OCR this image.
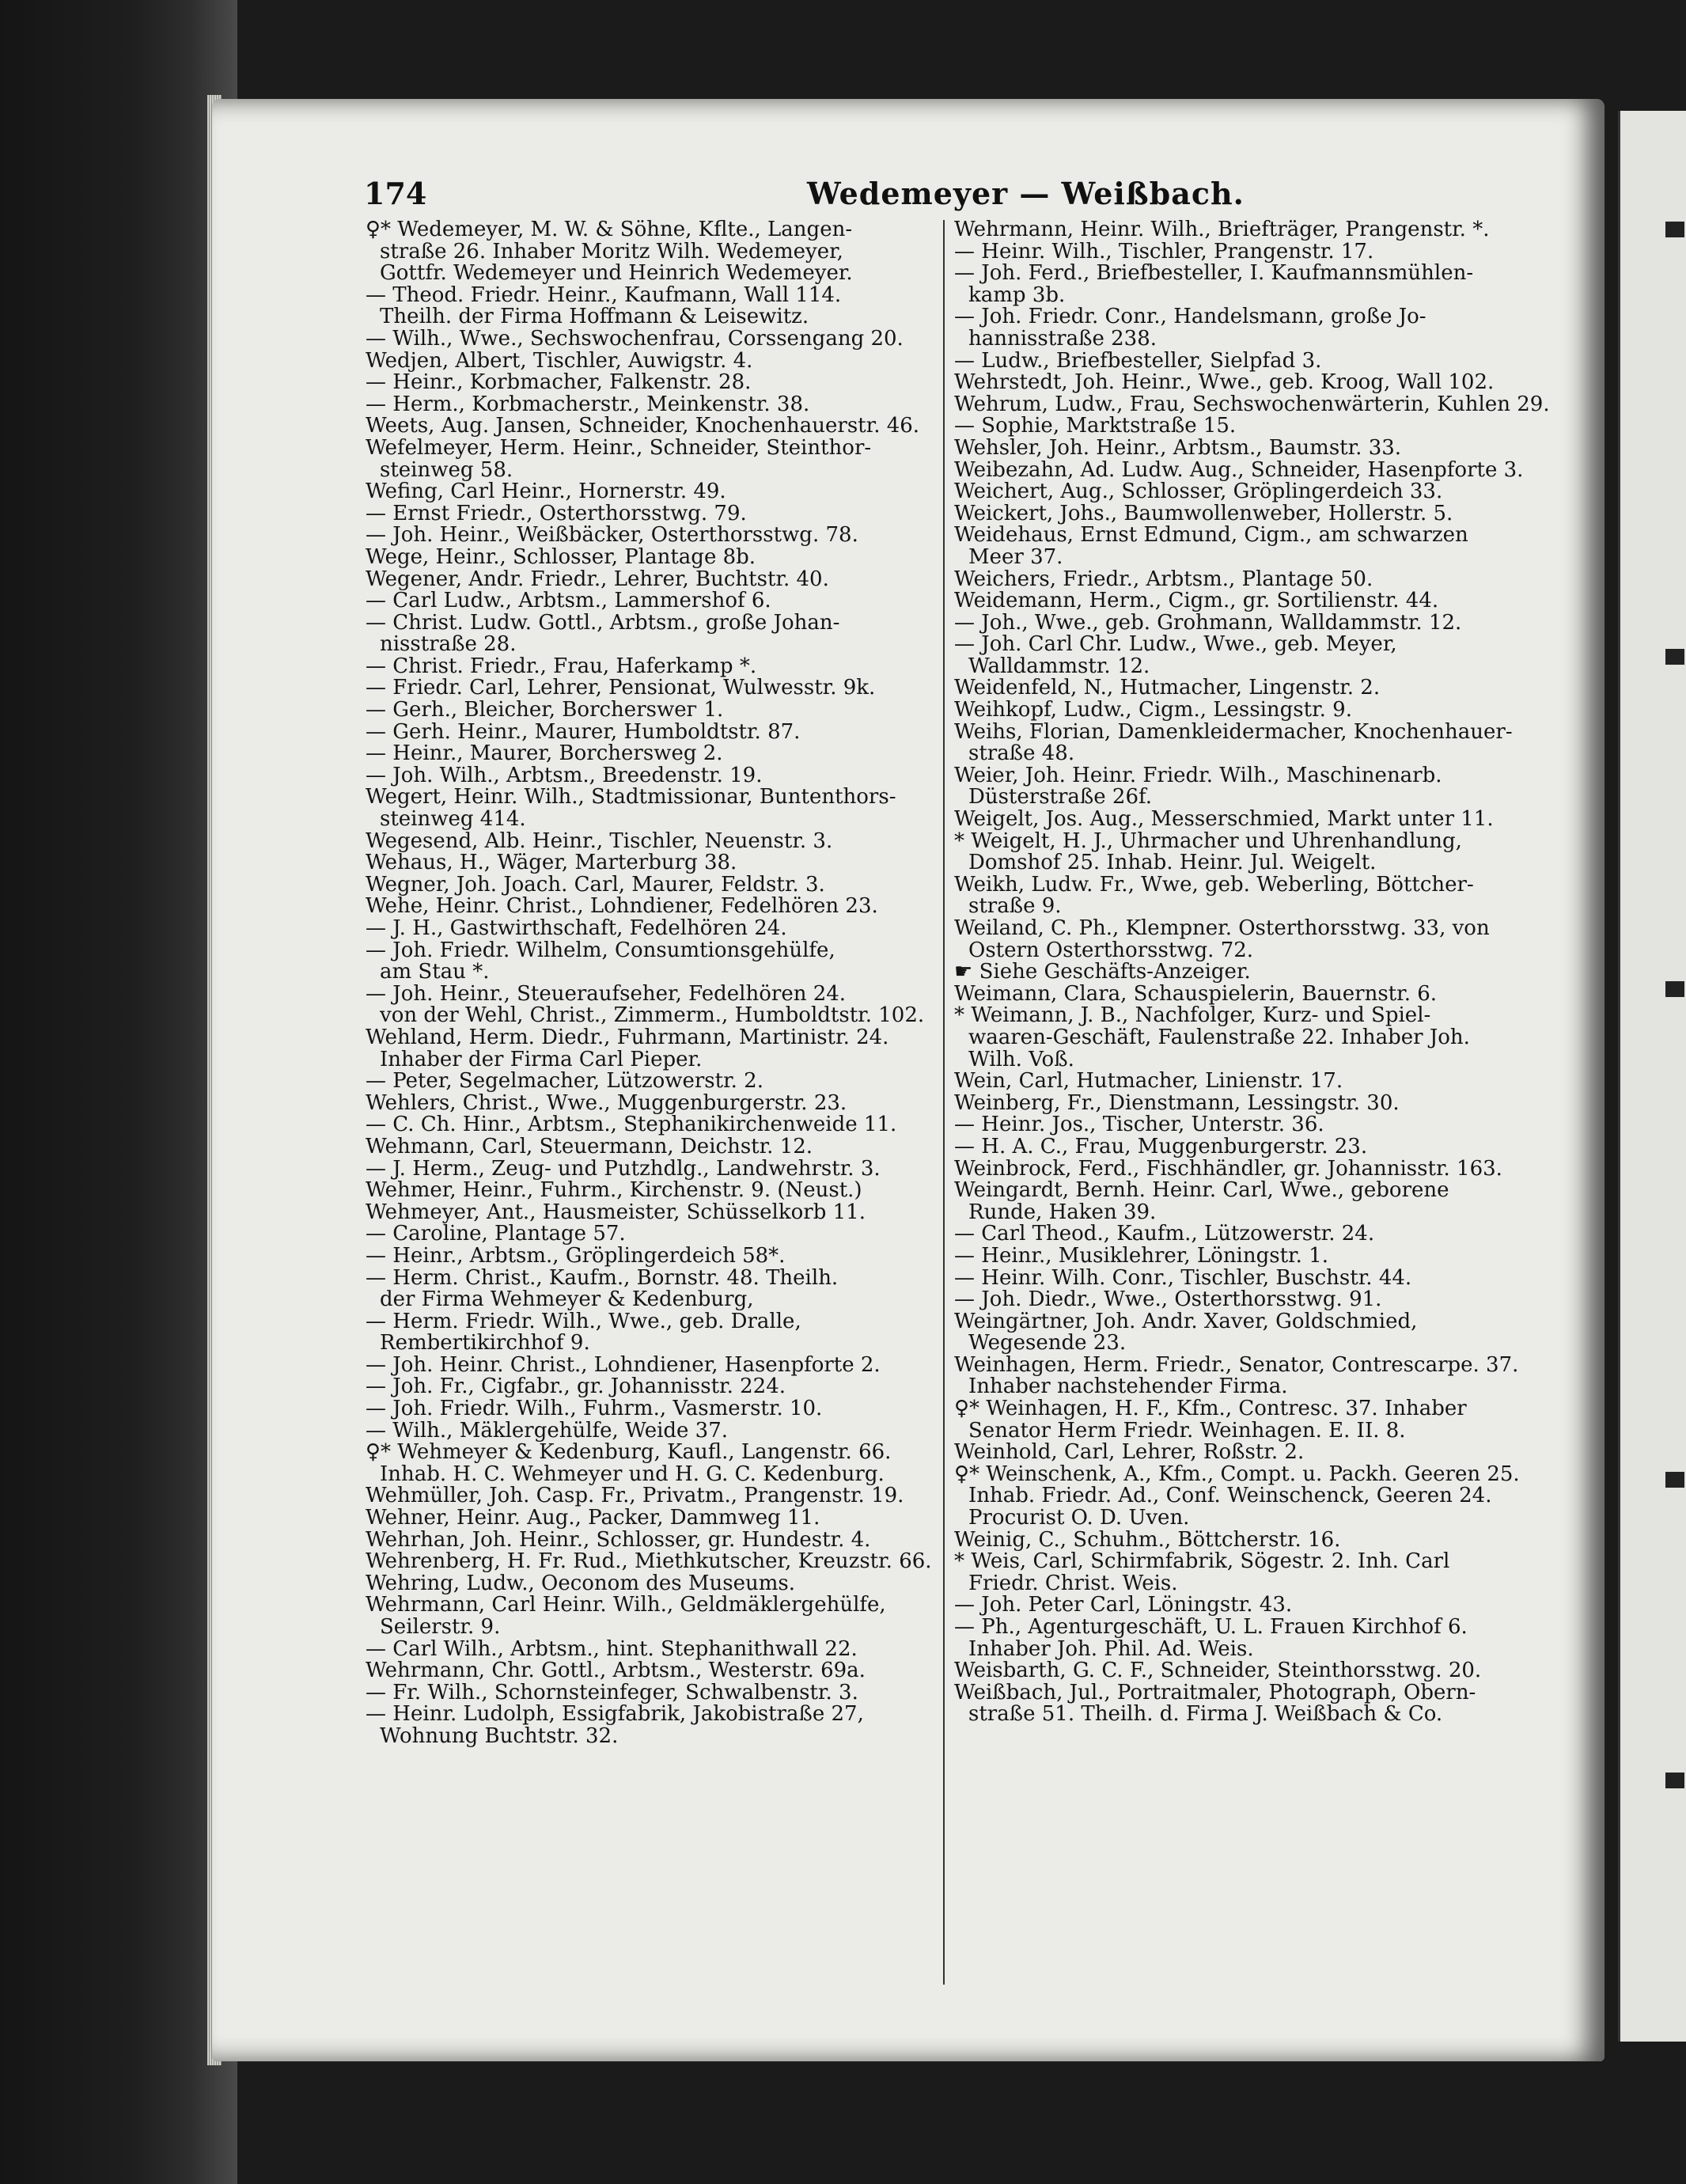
174	Wedemeyer — Weißbach.
♀* Wedemeyer, M. W. & Söhne, Kflte., Langen-
straße 26. Inhaber Moritz Wilh. Wedemeyer,
Gottfr. Wedemeyer und Heinrich Wedemeyer.
— Theod. Friedr. Heinr., Kaufmann, Wall 114.
Theilh. der Firma Hoffmann & Leisewitz.
— Wilh., Wwe., Sechswochenfrau, Corssengang 20.
Wedjen, Albert, Tischler, Auwigstr. 4.
— Heinr., Korbmacher, Falkenstr. 28.
— Herm., Korbmacherstr., Meinkenstr. 38.
Weets, Aug. Jansen, Schneider, Knochenhauerstr. 46.
Wefelmeyer, Herm. Heinr., Schneider, Steinthor-
steinweg 58.
Wefing, Carl Heinr., Hornerstr. 49.
— Ernst Friedr., Osterthorsstwg. 79.
— Joh. Heinr., Weißbäcker, Osterthorsstwg. 78.
Wege, Heinr., Schlosser, Plantage 8b.
Wegener, Andr. Friedr., Lehrer, Buchtstr. 40.
— Carl Ludw., Arbtsm., Lammershof 6.
— Christ. Ludw. Gottl., Arbtsm., große Johan-
nisstraße 28.
— Christ. Friedr., Frau, Haferkamp *.
— Friedr. Carl, Lehrer, Pensionat, Wulwesstr. 9k.
— Gerh., Bleicher, Borcherswег 1.
— Gerh. Heinr., Maurer, Humboldtstr. 87.
— Heinr., Maurer, Borchersweg 2.
— Joh. Wilh., Arbtsm., Breedenstr. 19.
Wegert, Heinr. Wilh., Stadtmissionar, Buntenthors-
steinweg 414.
Wegesend, Alb. Heinr., Tischler, Neuenstr. 3.
Wehaus, H., Wäger, Marterburg 38.
Wegner, Joh. Joach. Carl, Maurer, Feldstr. 3.
Wehe, Heinr. Christ., Lohndiener, Fedelhören 23.
— J. H., Gastwirthschaft, Fedelhören 24.
— Joh. Friedr. Wilhelm, Consumtionsgehülfe,
am Stau *.
— Joh. Heinr., Steueraufseher, Fedelhören 24.
von der Wehl, Christ., Zimmerm., Humboldtstr. 102.
Wehland, Herm. Diedr., Fuhrmann, Martinistr. 24.
Inhaber der Firma Carl Pieper.
— Peter, Segelmacher, Lützowerstr. 2.
Wehlers, Christ., Wwe., Muggenburgerstr. 23.
— C. Ch. Hinr., Arbtsm., Stephanikirchenweide 11.
Wehmann, Carl, Steuermann, Deichstr. 12.
— J. Herm., Zeug- und Putzhdlg., Landwehrstr. 3.
Wehmer, Heinr., Fuhrm., Kirchenstr. 9. (Neust.)
Wehmeyer, Ant., Hausmeister, Schüsselkorb 11.
— Caroline, Plantage 57.
— Heinr., Arbtsm., Gröplingerdeich 58*.
— Herm. Christ., Kaufm., Bornstr. 48. Theilh.
der Firma Wehmeyer & Kedenburg,
— Herm. Friedr. Wilh., Wwe., geb. Dralle,
Rembertikirchhof 9.
— Joh. Heinr. Christ., Lohndiener, Hasenpforte 2.
— Joh. Fr., Cigfabr., gr. Johannisstr. 224.
— Joh. Friedr. Wilh., Fuhrm., Vasmerstr. 10.
— Wilh., Mäklergehülfe, Weide 37.
♀* Wehmeyer & Kedenburg, Kaufl., Langenstr. 66.
Inhab. H. C. Wehmeyer und H. G. C. Kedenburg.
Wehmüller, Joh. Casp. Fr., Privatm., Prangenstr. 19.
Wehner, Heinr. Aug., Packer, Dammweg 11.
Wehrhan, Joh. Heinr., Schlosser, gr. Hundestr. 4.
Wehrenberg, H. Fr. Rud., Miethkutscher, Kreuzstr. 66.
Wehring, Ludw., Oeconom des Museums.
Wehrmann, Carl Heinr. Wilh., Geldmäklergehülfe,
Seilerstr. 9.
— Carl Wilh., Arbtsm., hint. Stephanithwall 22.
Wehrmann, Chr. Gottl., Arbtsm., Westerstr. 69a.
— Fr. Wilh., Schornsteinfeger, Schwalbenstr. 3.
— Heinr. Ludolph, Essigfabrik, Jakobistraße 27,
Wohnung Buchtstr. 32.
Wehrmann, Heinr. Wilh., Briefträger, Prangenstr. *.
— Heinr. Wilh., Tischler, Prangenstr. 17.
— Joh. Ferd., Briefbesteller, I. Kaufmannsmühlen-
kamp 3b.
— Joh. Friedr. Conr., Handelsmann, große Jo-
hannisstraße 238.
— Ludw., Briefbesteller, Sielpfad 3.
Wehrstedt, Joh. Heinr., Wwe., geb. Kroog, Wall 102.
Wehrum, Ludw., Frau, Sechswochenwärterin, Kuhlen 29.
— Sophie, Marktstraße 15.
Wehsler, Joh. Heinr., Arbtsm., Baumstr. 33.
Weibezahn, Ad. Ludw. Aug., Schneider, Hasenpforte 3.
Weichert, Aug., Schlosser, Gröplingerdeich 33.
Weickert, Johs., Baumwollenweber, Hollerstr. 5.
Weidehaus, Ernst Edmund, Cigm., am schwarzen
Meer 37.
Weichers, Friedr., Arbtsm., Plantage 50.
Weidemann, Herm., Cigm., gr. Sortilienstr. 44.
— Joh., Wwe., geb. Grohmann, Walldammstr. 12.
— Joh. Carl Chr. Ludw., Wwe., geb. Meyer,
Walldammstr. 12.
Weidenfeld, N., Hutmacher, Lingenstr. 2.
Weihkopf, Ludw., Cigm., Lessingstr. 9.
Weihs, Florian, Damenkleidermacher, Knochenhauer-
straße 48.
Weier, Joh. Heinr. Friedr. Wilh., Maschinenarb.
Düsterstraße 26f.
Weigelt, Jos. Aug., Messerschmied, Markt unter 11.
* Weigelt, H. J., Uhrmacher und Uhrenhandlung,
Domshof 25. Inhab. Heinr. Jul. Weigelt.
Weikh, Ludw. Fr., Wwe, geb. Weberling, Böttcher-
straße 9.
Weiland, C. Ph., Klempner. Osterthorsstwg. 33, von
Ostern Osterthorsstwg. 72.
☛ Siehe Geschäfts-Anzeiger.
Weimann, Clara, Schauspielerin, Bauernstr. 6.
* Weimann, J. B., Nachfolger, Kurz- und Spiel-
waaren-Geschäft, Faulenstraße 22. Inhaber Joh.
Wilh. Voß.
Wein, Carl, Hutmacher, Linienstr. 17.
Weinberg, Fr., Dienstmann, Lessingstr. 30.
— Heinr. Jos., Tischer, Unterstr. 36.
— H. A. C., Frau, Muggenburgerstr. 23.
Weinbrock, Ferd., Fischhändler, gr. Johannisstr. 163.
Weingardt, Bernh. Heinr. Carl, Wwe., geborene
Runde, Haken 39.
— Carl Theod., Kaufm., Lützowerstr. 24.
— Heinr., Musiklehrer, Löningstr. 1.
— Heinr. Wilh. Conr., Tischler, Buschstr. 44.
— Joh. Diedr., Wwe., Osterthorsstwg. 91.
Weingärtner, Joh. Andr. Xaver, Goldschmied,
Wegesende 23.
Weinhagen, Herm. Friedr., Senator, Contrescarpe. 37.
Inhaber nachstehender Firma.
♀* Weinhagen, H. F., Kfm., Contresc. 37. Inhaber
Senator Herm Friedr. Weinhagen. E. II. 8.
Weinhold, Carl, Lehrer, Roßstr. 2.
♀* Weinschenk, A., Kfm., Compt. u. Packh. Geeren 25.
Inhab. Friedr. Ad., Conf. Weinschenck, Geeren 24.
Procurist O. D. Uven.
Weinig, C., Schuhm., Böttcherstr. 16.
* Weis, Carl, Schirmfabrik, Sögestr. 2. Inh. Carl
Friedr. Christ. Weis.
— Joh. Peter Carl, Löningstr. 43.
— Ph., Agenturgeschäft, U. L. Frauen Kirchhof 6.
Inhaber Joh. Phil. Ad. Weis.
Weisbarth, G. C. F., Schneider, Steinthorsstwg. 20.
Weißbach, Jul., Portraitmaler, Photograph, Obern-
straße 51. Theilh. d. Firma J. Weißbach & Co.
